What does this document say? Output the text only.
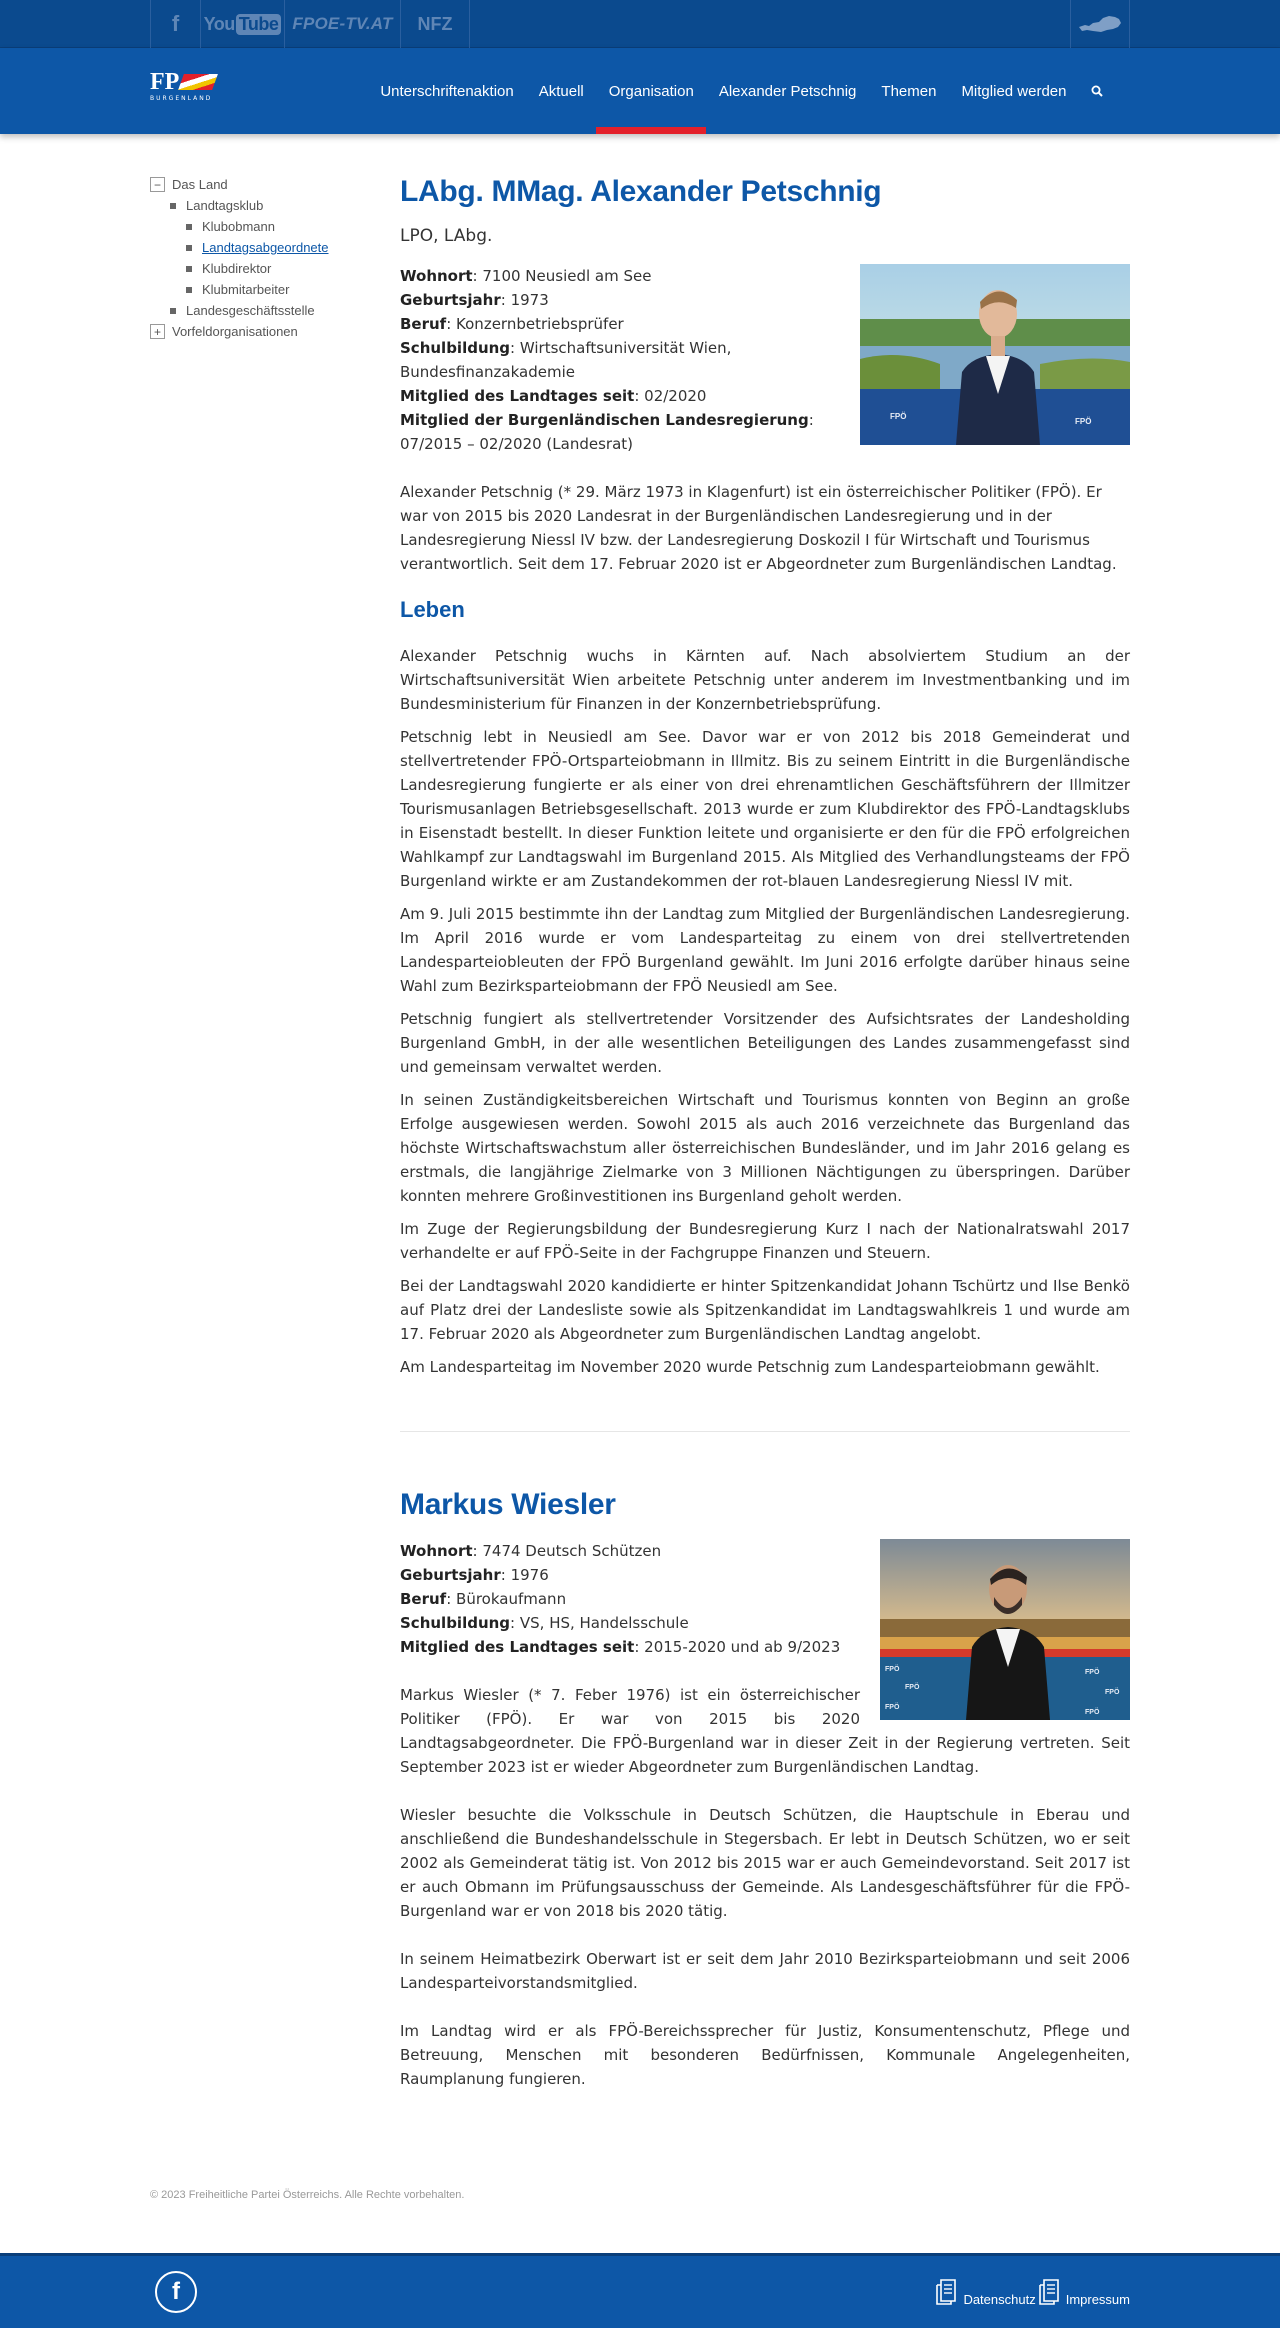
f	You Tube FPOE-TV.AT	NFZ
FP
BURGENLAND	Unterschriftenaktion	Aktuell	Organisation	Alexander Petschnig	Themen	Mitglied werden
− Das Land
Landtagsklub
Klubobmann
Landtagsabgeordnete
Klubdirektor
Klubmitarbeiter
Landesgeschäftsstelle
+ Vorfeldorganisationen
LAbg. MMag. Alexander Petschnig
LPO, LAbg.
FPÖ
FPÖ
Wohnort: 7100 Neusiedl am See
Geburtsjahr: 1973
Beruf: Konzernbetriebsprüfer
Schulbildung: Wirtschaftsuniversität Wien, Bundesfinanzakademie
Mitglied des Landtages seit: 02/2020
Mitglied der Burgenländischen Landesregierung: 07/2015 – 02/2020 (Landesrat)

Alexander Petschnig (* 29. März 1973 in Klagenfurt) ist ein österreichischer Politiker (FPÖ). Er war von 2015 bis 2020 Landesrat in der Burgenländischen Landesregierung und in der Landesregierung Niessl IV bzw. der Landesregierung Doskozil I für Wirtschaft und Tourismus verantwortlich. Seit dem 17. Februar 2020 ist er Abgeordneter zum Burgenländischen Landtag.

Leben

Alexander Petschnig wuchs in Kärnten auf. Nach absolviertem Studium an der Wirtschaftsuniversität Wien arbeitete Petschnig unter anderem im Investmentbanking und im Bundesministerium für Finanzen in der Konzernbetriebsprüfung.

Petschnig lebt in Neusiedl am See. Davor war er von 2012 bis 2018 Gemeinderat und stellvertretender FPÖ-Ortsparteiobmann in Illmitz. Bis zu seinem Eintritt in die Burgenländische Landesregierung fungierte er als einer von drei ehrenamtlichen Geschäftsführern der Illmitzer Tourismusanlagen Betriebsgesellschaft. 2013 wurde er zum Klubdirektor des FPÖ-Landtagsklubs in Eisenstadt bestellt. In dieser Funktion leitete und organisierte er den für die FPÖ erfolgreichen Wahlkampf zur Landtagswahl im Burgenland 2015. Als Mitglied des Verhandlungsteams der FPÖ Burgenland wirkte er am Zustandekommen der rot-blauen Landesregierung Niessl IV mit.

Am 9. Juli 2015 bestimmte ihn der Landtag zum Mitglied der Burgenländischen Landesregierung. Im April 2016 wurde er vom Landesparteitag zu einem von drei stellvertretenden Landesparteiobleuten der FPÖ Burgenland gewählt. Im Juni 2016 erfolgte darüber hinaus seine Wahl zum Bezirksparteiobmann der FPÖ Neusiedl am See.

Petschnig fungiert als stellvertretender Vorsitzender des Aufsichtsrates der Landesholding Burgenland GmbH, in der alle wesentlichen Beteiligungen des Landes zusammengefasst sind und gemeinsam verwaltet werden.

In seinen Zuständigkeitsbereichen Wirtschaft und Tourismus konnten von Beginn an große Erfolge ausgewiesen werden. Sowohl 2015 als auch 2016 verzeichnete das Burgenland das höchste Wirtschaftswachstum aller österreichischen Bundesländer, und im Jahr 2016 gelang es erstmals, die langjährige Zielmarke von 3 Millionen Nächtigungen zu überspringen. Darüber konnten mehrere Großinvestitionen ins Burgenland geholt werden.

Im Zuge der Regierungsbildung der Bundesregierung Kurz I nach der Nationalratswahl 2017 verhandelte er auf FPÖ-Seite in der Fachgruppe Finanzen und Steuern.

Bei der Landtagswahl 2020 kandidierte er hinter Spitzenkandidat Johann Tschürtz und Ilse Benkö auf Platz drei der Landesliste sowie als Spitzenkandidat im Landtagswahlkreis 1 und wurde am 17. Februar 2020 als Abgeordneter zum Burgenländischen Landtag angelobt.

Am Landesparteitag im November 2020 wurde Petschnig zum Landesparteiobmann gewählt.

Markus Wiesler
FPÖ
FPÖ
FPÖ
FPÖ
FPÖ
FPÖ
Wohnort: 7474 Deutsch Schützen
Geburtsjahr: 1976
Beruf: Bürokaufmann
Schulbildung: VS, HS, Handelsschule
Mitglied des Landtages seit: 2015-2020 und ab 9/2023

Markus Wiesler (* 7. Feber 1976) ist ein österreichischer Politiker (FPÖ). Er war von 2015 bis 2020 Landtagsabgeordneter. Die FPÖ-Burgenland war in dieser Zeit in der Regierung vertreten. Seit September 2023 ist er wieder Abgeordneter zum Burgenländischen Landtag.

Wiesler besuchte die Volksschule in Deutsch Schützen, die Hauptschule in Eberau und anschließend die Bundeshandelsschule in Stegersbach. Er lebt in Deutsch Schützen, wo er seit 2002 als Gemeinderat tätig ist. Von 2012 bis 2015 war er auch Gemeindevorstand. Seit 2017 ist er auch Obmann im Prüfungsausschuss der Gemeinde. Als Landesgeschäftsführer für die FPÖ-Burgenland war er von 2018 bis 2020 tätig.

In seinem Heimatbezirk Oberwart ist er seit dem Jahr 2010 Bezirksparteiobmann und seit 2006 Landesparteivorstandsmitglied.

Im Landtag wird er als FPÖ-Bereichssprecher für Justiz, Konsumentenschutz, Pflege und Betreuung, Menschen mit besonderen Bedürfnissen, Kommunale Angelegenheiten, Raumplanung fungieren.

© 2023 Freiheitliche Partei Österreichs. Alle Rechte vorbehalten.
f	Datenschutz Impressum
